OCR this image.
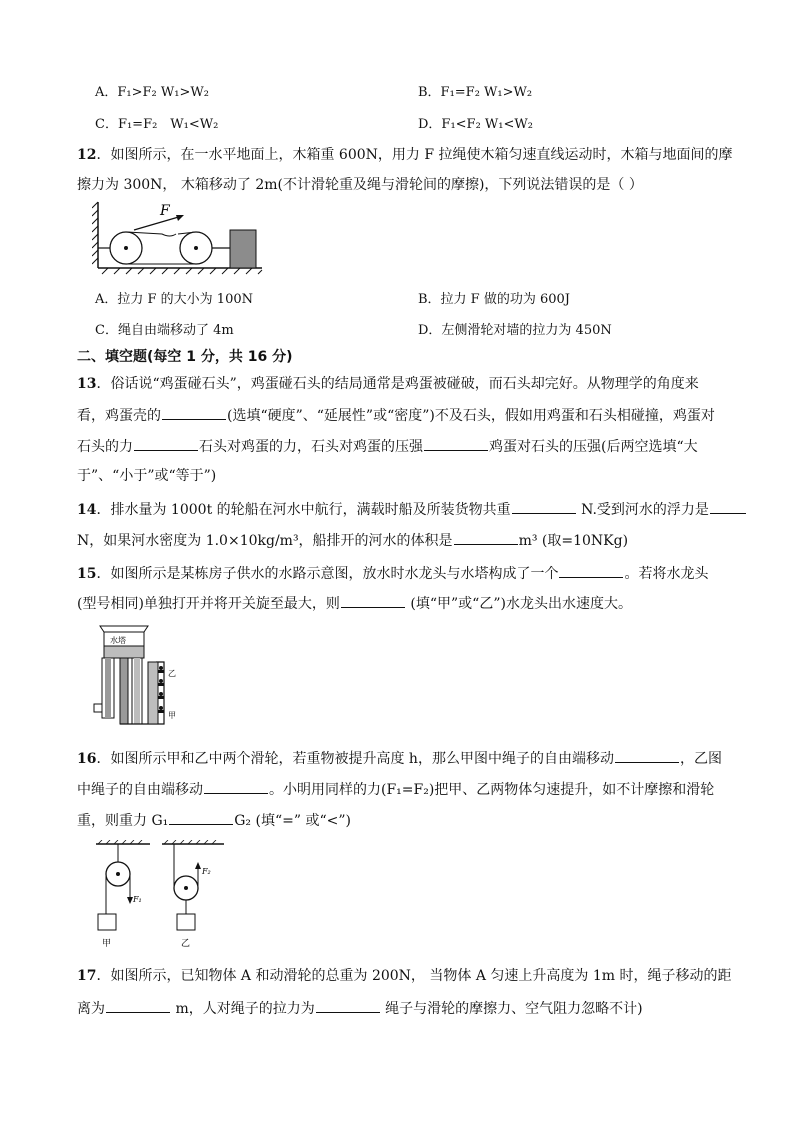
A．F₁>F₂ W₁>W₂	B．F₁=F₂ W₁>W₂
C．F₁=F₂　W₁<W₂	D．F₁<F₂ W₁<W₂
12．如图所示，在一水平地面上，木箱重 600N，用力 F 拉绳使木箱匀速直线运动时，木箱与地面间的摩
擦力为 300N， 木箱移动了 2m(不计滑轮重及绳与滑轮间的摩擦)，下列说法错误的是（ ）
F
A．拉力 F 的大小为 100N	B．拉力 F 做的功为 600J
C．绳自由端移动了 4m	D．左侧滑轮对墙的拉力为 450N
二、填空题(每空 1 分，共 16 分)
13．俗话说“鸡蛋碰石头”，鸡蛋碰石头的结局通常是鸡蛋被碰破，而石头却完好。从物理学的角度来
看，鸡蛋壳的	(选填“硬度”、“延展性”或“密度”)不及石头，假如用鸡蛋和石头相碰撞，鸡蛋对
石头的力	石头对鸡蛋的力，石头对鸡蛋的压强	鸡蛋对石头的压强(后两空选填“大
于”、“小于”或“等于”)
14．排水量为 1000t 的轮船在河水中航行，满载时船及所装货物共重	N.受到河水的浮力是
N，如果河水密度为 1.0×10kg/m³，船排开的河水的体积是	m³ (取=10NKg)
15．如图所示是某栋房子供水的水路示意图，放水时水龙头与水塔构成了一个	。若将水龙头
(型号相同)单独打开并将开关旋至最大，则	(填“甲”或“乙”)水龙头出水速度大。
水塔
乙
甲
16．如图所示甲和乙中两个滑轮，若重物被提升高度 h，那么甲图中绳子的自由端移动	，乙图
中绳子的自由端移动	。小明用同样的力(F₁=F₂)把甲、乙两物体匀速提升，如不计摩擦和滑轮
重，则重力 G₁	G₂ (填“=” 或“<”)
F₁
甲
F₂
乙
17．如图所示，已知物体 A 和动滑轮的总重为 200N， 当物体 A 匀速上升高度为 1m 时，绳子移动的距
离为	m，人对绳子的拉力为	绳子与滑轮的摩擦力、空气阻力忽略不计)
